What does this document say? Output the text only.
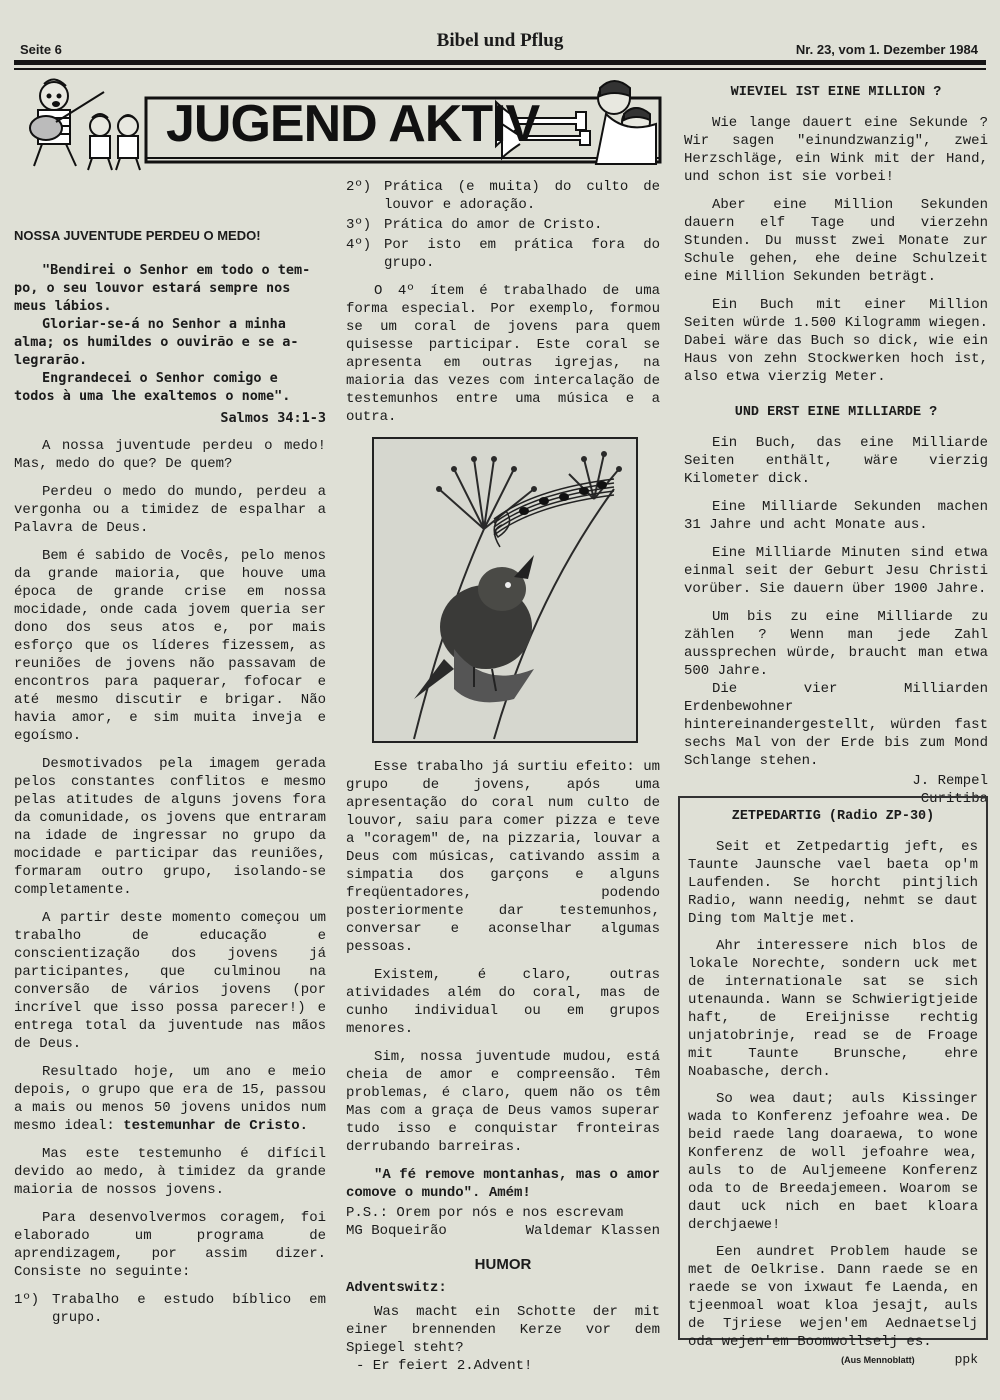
Seite 6	Bibel und Pflug	Nr. 23, vom 1. Dezember 1984
JUGEND AKTIV

NOSSA JUVENTUDE PERDEU O MEDO!

"Bendirei o Senhor em todo o tem-
po, o seu louvor estará sempre nos
meus lábios.
Gloriar-se-á no Senhor a minha
alma; os humildes o ouvirão e se a-
legrarão.
Engrandecei o Senhor comigo e
todos à uma lhe exaltemos o nome".

Salmos 34:1-3

A nossa juventude perdeu o medo! Mas, medo do que? De quem?

Perdeu o medo do mundo, perdeu a vergonha ou a timidez de espalhar a Palavra de Deus.

Bem é sabido de Vocês, pelo menos da grande maioria, que houve uma época de grande crise em nossa mocidade, onde cada jovem queria ser dono dos seus atos e, por mais esforço que os líderes fizessem, as reuniões de jovens não passavam de encontros para paquerar, fofocar e até mesmo discutir e brigar. Não havia amor, e sim muita inveja e egoísmo.

Desmotivados pela imagem gerada pelos constantes conflitos e mesmo pelas atitudes de alguns jovens fora da comunidade, os jovens que entraram na idade de ingressar no grupo da mocidade e participar das reuniões, formaram outro grupo, isolando-se completamente.

A partir deste momento começou um trabalho de educação e conscientização dos jovens já participantes, que culminou na conversão de vários jovens (por incrível que isso possa parecer!) e entrega total da juventude nas mãos de Deus.

Resultado hoje, um ano e meio depois, o grupo que era de 15, passou a mais ou menos 50 jovens unidos num mesmo ideal: testemunhar de Cristo.

Mas este testemunho é difícil devido ao medo, à timidez da grande maioria de nossos jovens.

Para desenvolvermos coragem, foi elaborado um programa de aprendizagem, por assim dizer. Consiste no seguinte:

1º) Trabalho e estudo bíblico em grupo.
2º) Prática (e muita) do culto de louvor e adoração.
3º) Prática do amor de Cristo.
4º) Por isto em prática fora do grupo.

O 4º ítem é trabalhado de uma forma especial. Por exemplo, formou se um coral de jovens para quem quisesse participar. Este coral se apresenta em outras igrejas, na maioria das vezes com intercalação de testemunhos entre uma música e a outra.

Esse trabalho já surtiu efeito: um grupo de jovens, após uma apresentação do coral num culto de louvor, saiu para comer pizza e teve a "coragem" de, na pizzaria, louvar a Deus com músicas, cativando assim a simpatia dos garçons e alguns freqüentadores, podendo posteriormente dar testemunhos, conversar e aconselhar algumas pessoas.

Existem, é claro, outras atividades além do coral, mas de cunho individual ou em grupos menores.

Sim, nossa juventude mudou, está cheia de amor e compreensão. Têm problemas, é claro, quem não os têm Mas com a graça de Deus vamos superar tudo isso e conquistar fronteiras derrubando barreiras.

"A fé remove montanhas, mas o amor comove o mundo". Amém!

P.S.: Orem por nós e nos escrevam

MG Boqueirão	Waldemar Klassen

HUMOR

Adventswitz:

Was macht ein Schotte der mit einer brennenden Kerze vor dem Spiegel steht?

- Er feiert 2.Advent!

WIEVIEL IST EINE MILLION ?

Wie lange dauert eine Sekunde ? Wir sagen "einundzwanzig", zwei Herzschläge, ein Wink mit der Hand, und schon ist sie vorbei!

Aber eine Million Sekunden dauern elf Tage und vierzehn Stunden. Du musst zwei Monate zur Schule gehen, ehe deine Schulzeit eine Million Sekunden beträgt.

Ein Buch mit einer Million Seiten würde 1.500 Kilogramm wiegen. Dabei wäre das Buch so dick, wie ein Haus von zehn Stockwerken hoch ist, also etwa vierzig Meter.

UND ERST EINE MILLIARDE ?

Ein Buch, das eine Milliarde Seiten enthält, wäre vierzig Kilometer dick.

Eine Milliarde Sekunden machen 31 Jahre und acht Monate aus.

Eine Milliarde Minuten sind etwa einmal seit der Geburt Jesu Christi vorüber. Sie dauern über 1900 Jahre.

Um bis zu eine Milliarde zu zählen ? Wenn man jede Zahl aussprechen würde, braucht man etwa 500 Jahre.

Die vier Milliarden Erdenbewohner hintereinandergestellt, würden fast sechs Mal von der Erde bis zum Mond Schlange stehen.

J. Rempel

Curitiba

ZETPEDARTIG (Radio ZP-30)

Seit et Zetpedartig jeft, es Taunte Jaunsche vael baeta op'm Laufenden. Se horcht pintjlich Radio, wann needig, nehmt se daut Ding tom Maltje met.

Ahr interessere nich blos de lokale Norechte, sondern uck met de internationale sat se sich utenaunda. Wann se Schwierigtjeide haft, de Ereijnisse rechtig unjatobrinje, read se de Froage mit Taunte Brunsche, ehre Noabasche, derch.

So wea daut; auls Kissinger wada to Konferenz jefoahre wea. De beid raede lang doaraewa, to wone Konferenz de woll jefoahre wea, auls to de Auljemeene Konferenz oda to de Breedajemeen. Woarom se daut uck nich en baet kloara derchjaewe!

Een aundret Problem haude se met de Oelkrise. Dann raede se en raede se von ixwaut fe Laenda, en tjeenmoal woat kloa jesajt, auls de Tjriese wejen'em Aednaetselj oda wejen'em Boomwollselj es.

(Aus Mennoblatt)	ppk
